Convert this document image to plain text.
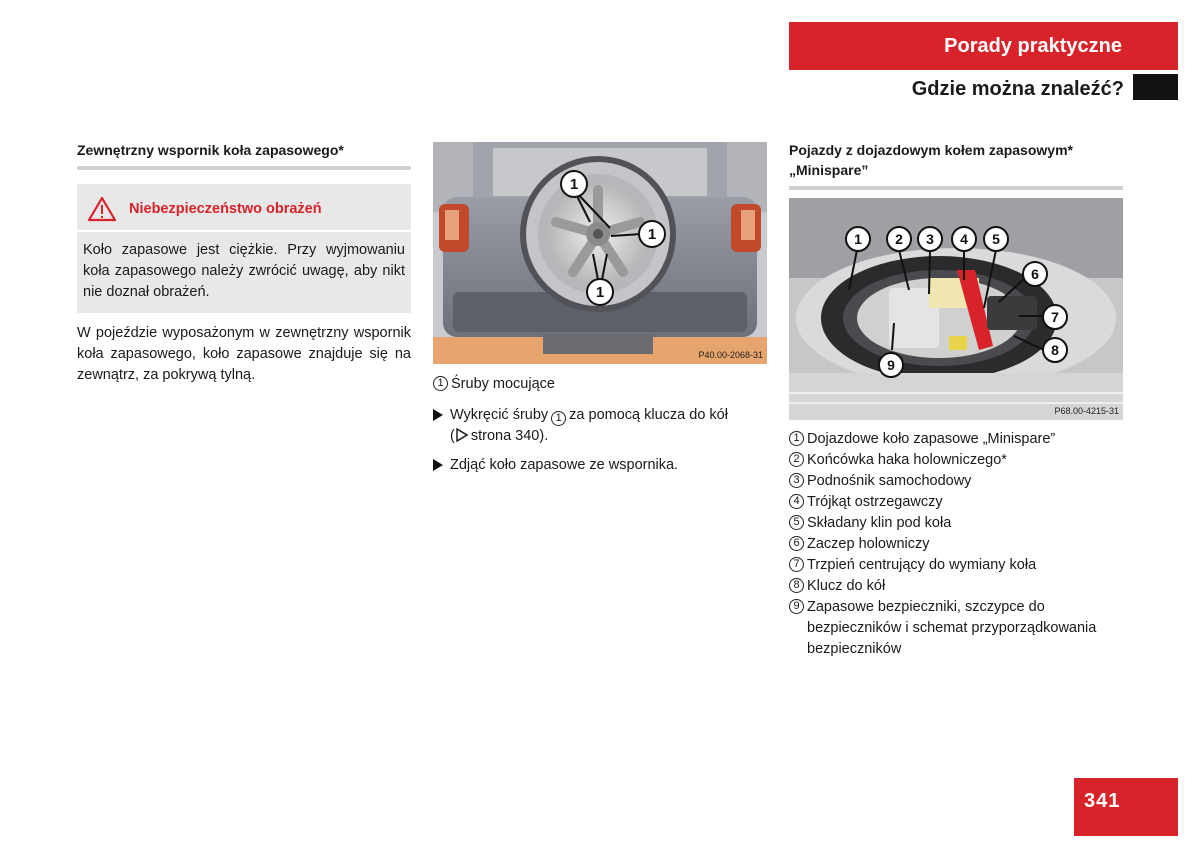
Porady praktyczne
Gdzie można znaleźć?
Zewnętrzny wspornik koła zapasowego*
Niebezpieczeństwo obrażeń
Koło zapasowe jest ciężkie. Przy wyjmowaniu koła zapasowego należy zwrócić uwagę, aby nikt nie doznał obrażeń.
W pojeździe wyposażonym w zewnętrzny wspornik koła zapasowego, koło zapasowe znajduje się na zewnątrz, za pokrywą tylną.
1
1
1
P40.00-2068-31
1 Śruby mocujące
Wykręcić śruby 1 za pomocą klucza do kół
( strona 340).
Zdjąć koło zapasowe ze wspornika.
Pojazdy z dojazdowym kołem zapasowym* „Minispare”
1	2	3	4	5
6
7
8
9
P68.00-4215-31
1 Dojazdowe koło zapasowe „Minispare”
2 Końcówka haka holowniczego*
3 Podnośnik samochodowy
4 Trójkąt ostrzegawczy
5 Składany klin pod koła
6 Zaczep holowniczy
7 Trzpień centrujący do wymiany koła
8 Klucz do kół
9 Zapasowe bezpieczniki, szczypce do bezpieczników i schemat przyporządkowania bezpieczników
341
